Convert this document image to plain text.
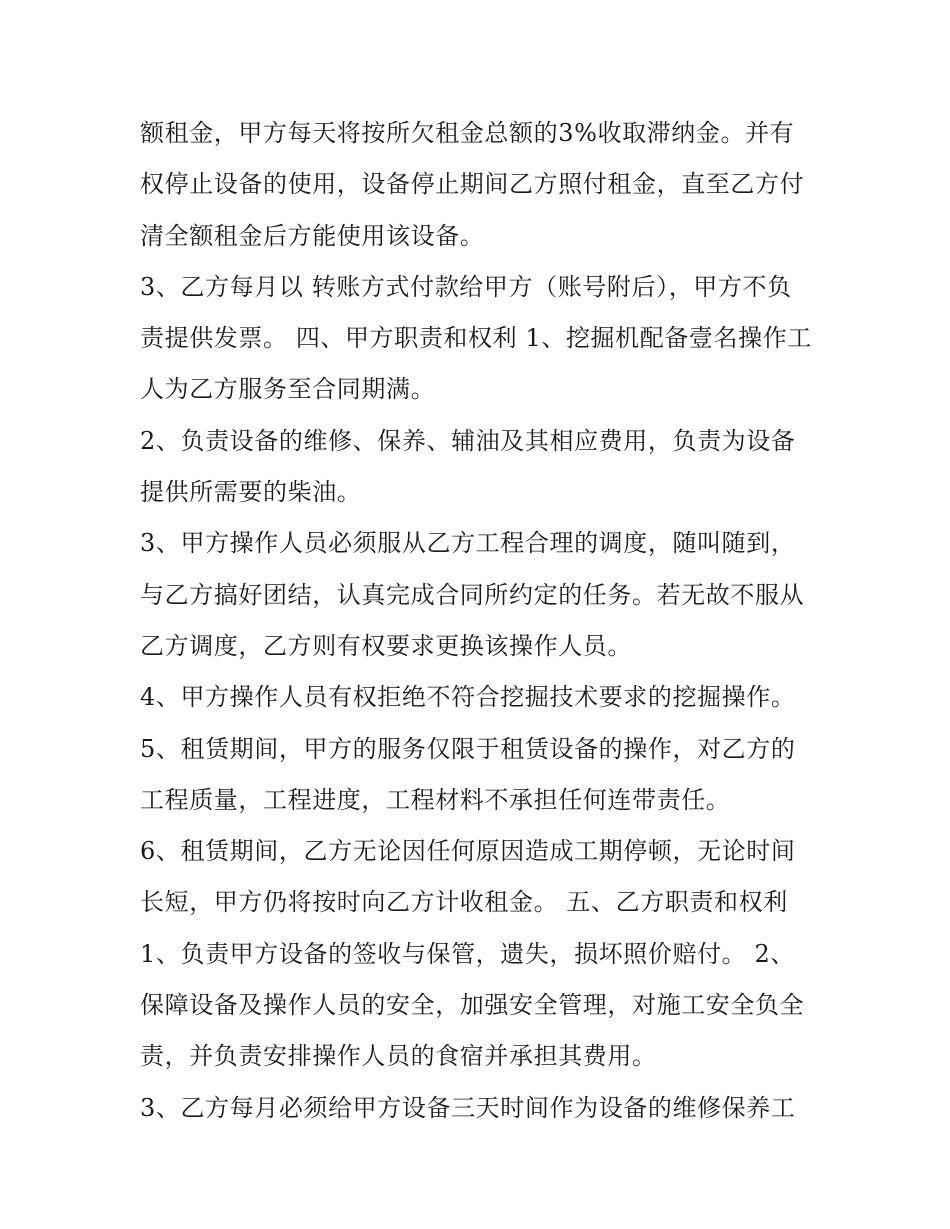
额租金，甲方每天将按所欠租金总额的3%收取滞纳金。并有
权停止设备的使用，设备停止期间乙方照付租金，直至乙方付
清全额租金后方能使用该设备。
3、乙方每月以 转账方式付款给甲方（账号附后），甲方不负
责提供发票。 四、甲方职责和权利 1、挖掘机配备壹名操作工
人为乙方服务至合同期满。
2、负责设备的维修、保养、辅油及其相应费用，负责为设备
提供所需要的柴油。
3、甲方操作人员必须服从乙方工程合理的调度，随叫随到，
与乙方搞好团结，认真完成合同所约定的任务。若无故不服从
乙方调度，乙方则有权要求更换该操作人员。
4、甲方操作人员有权拒绝不符合挖掘技术要求的挖掘操作。
5、租赁期间，甲方的服务仅限于租赁设备的操作，对乙方的
工程质量，工程进度，工程材料不承担任何连带责任。
6、租赁期间，乙方无论因任何原因造成工期停顿，无论时间
长短，甲方仍将按时向乙方计收租金。 五、乙方职责和权利
1、负责甲方设备的签收与保管，遗失，损坏照价赔付。 2、
保障设备及操作人员的安全，加强安全管理，对施工安全负全
责，并负责安排操作人员的食宿并承担其费用。
3、乙方每月必须给甲方设备三天时间作为设备的维修保养工
